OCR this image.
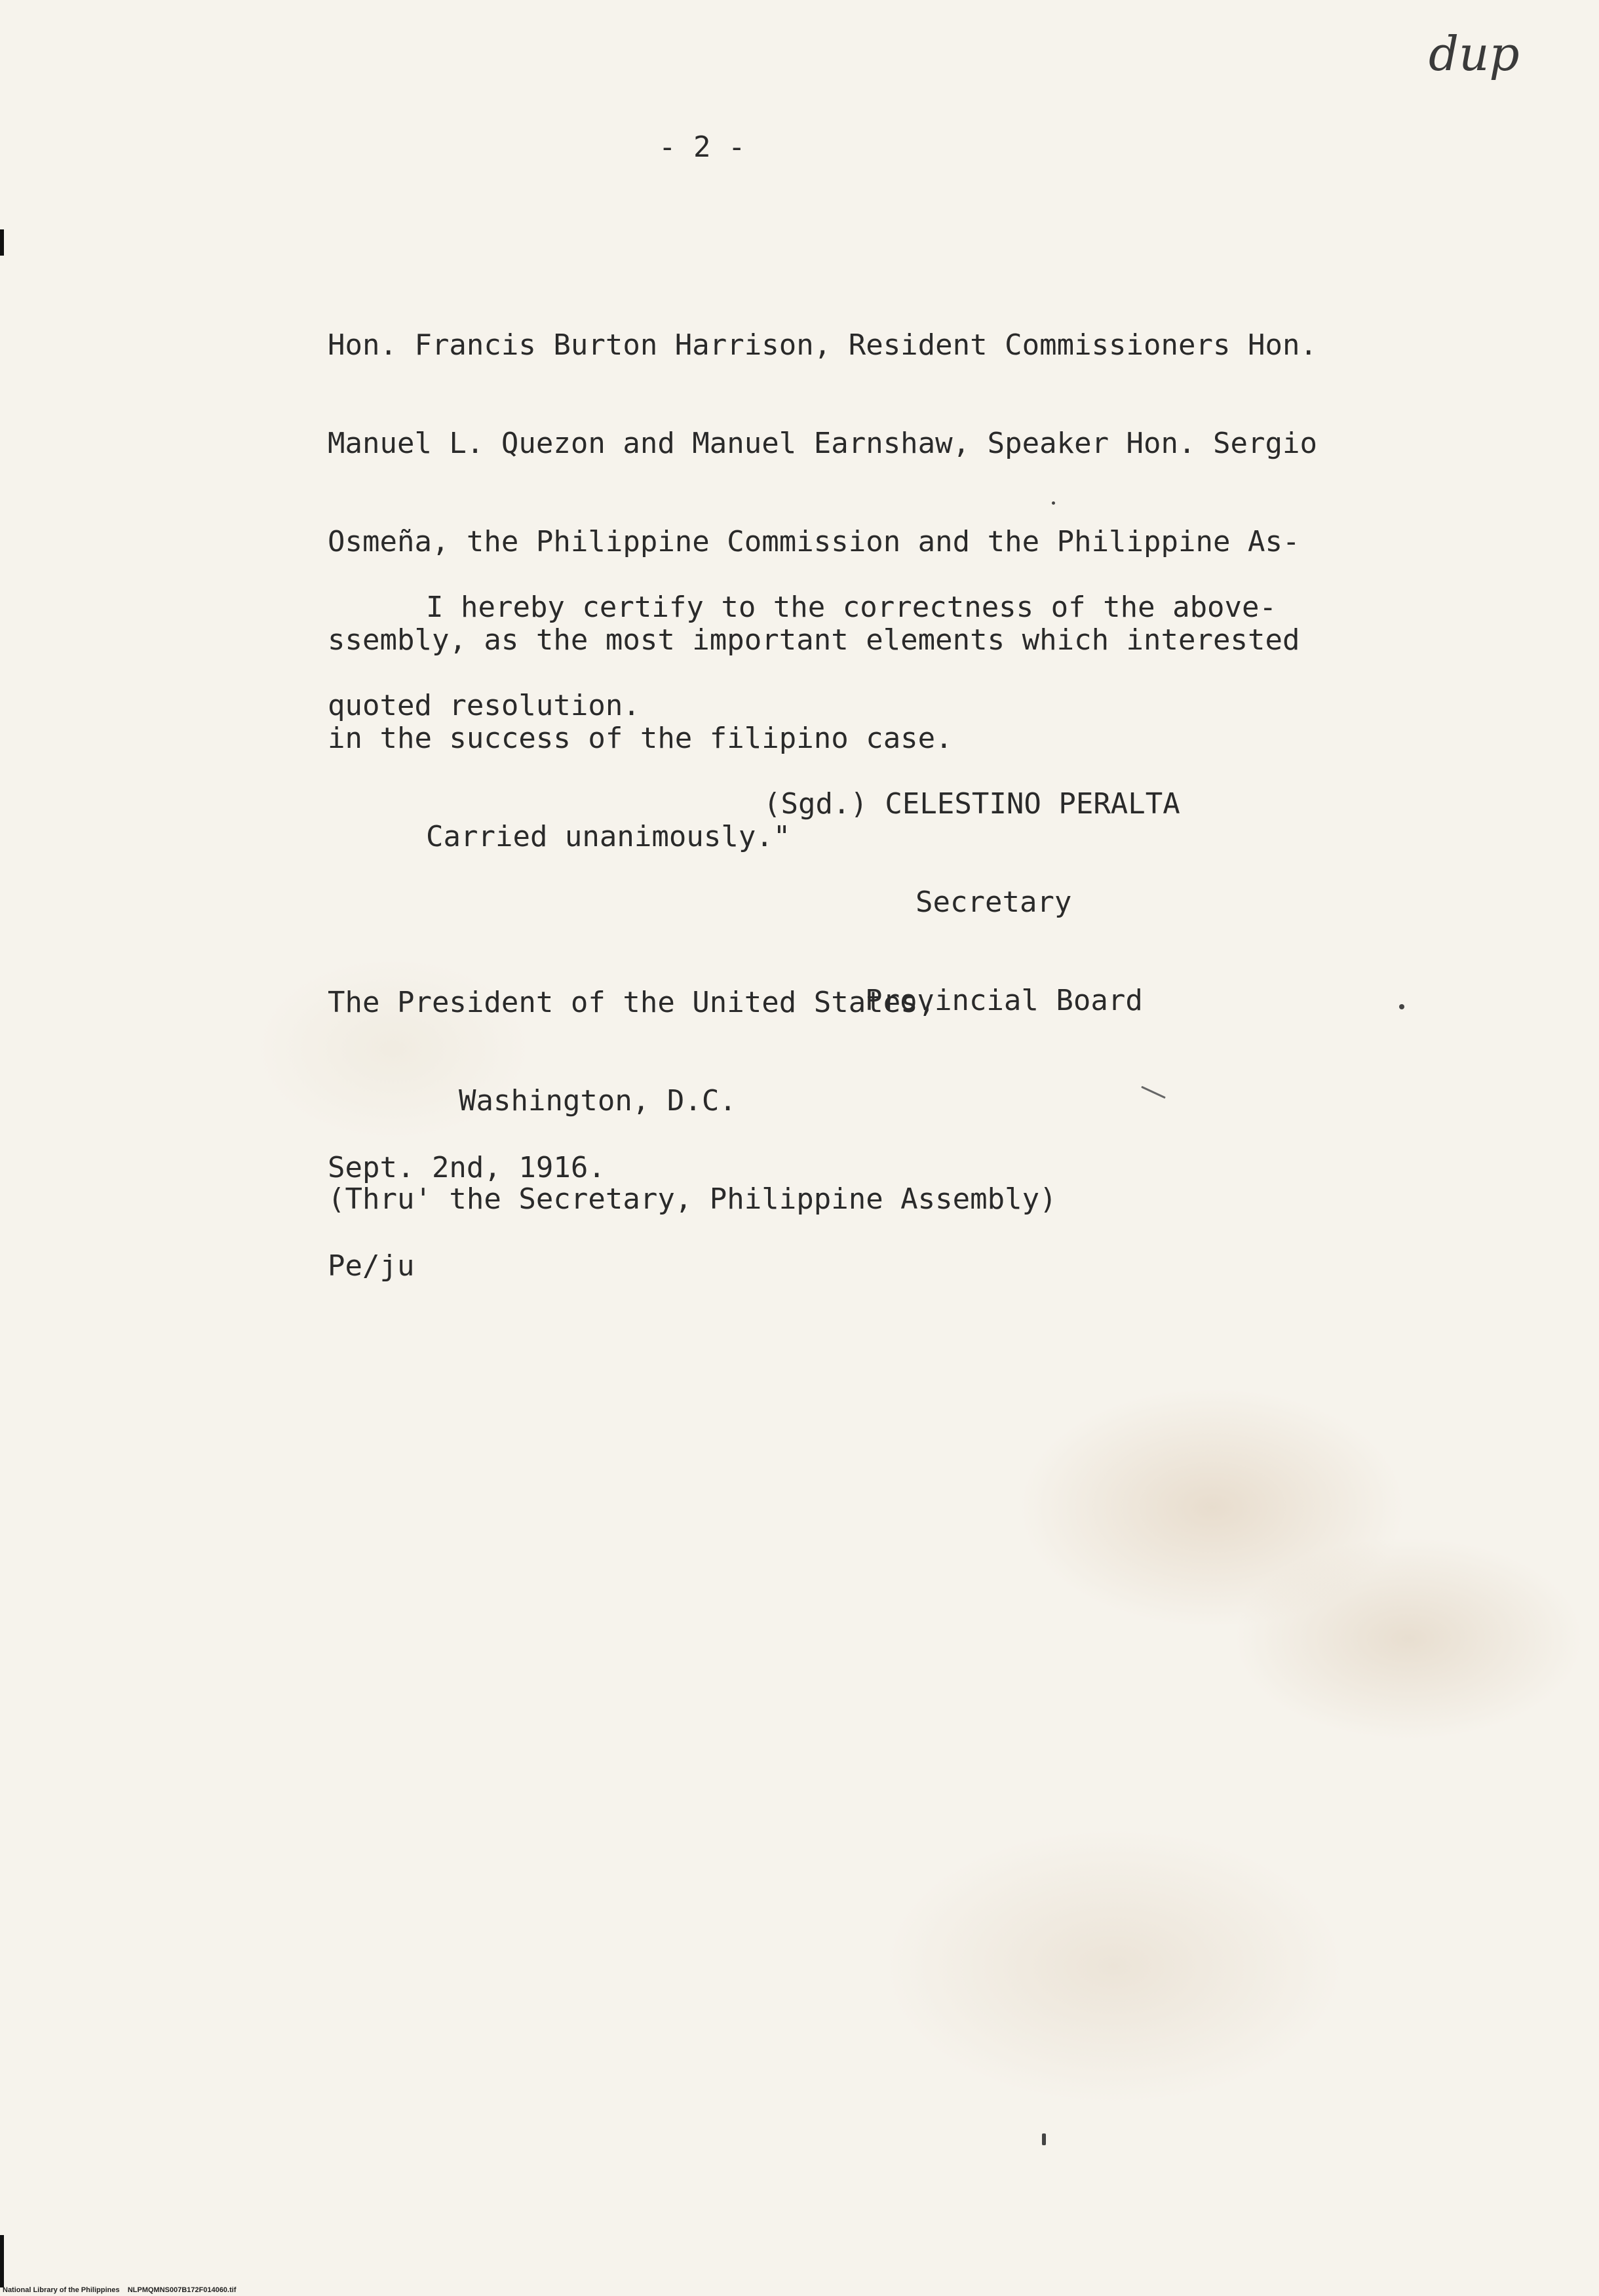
dup
- 2 -

Hon. Francis Burton Harrison, Resident Commissioners Hon.

Manuel L. Quezon and Manuel Earnshaw, Speaker Hon. Sergio

Osmeña, the Philippine Commission and the Philippine As-

ssembly, as the most important elements which interested

in the success of the filipino case.

Carried unanimously."

I hereby certify to the correctness of the above-

quoted resolution.

(Sgd.) CELESTINO PERALTA

Secretary

Provincial Board

The President of the United States,

Washington, D.C.

(Thru' the Secretary, Philippine Assembly)

Sept. 2nd, 1916.

Pe/ju

National Library of the Philippines    NLPMQMNS007B172F014060.tif
